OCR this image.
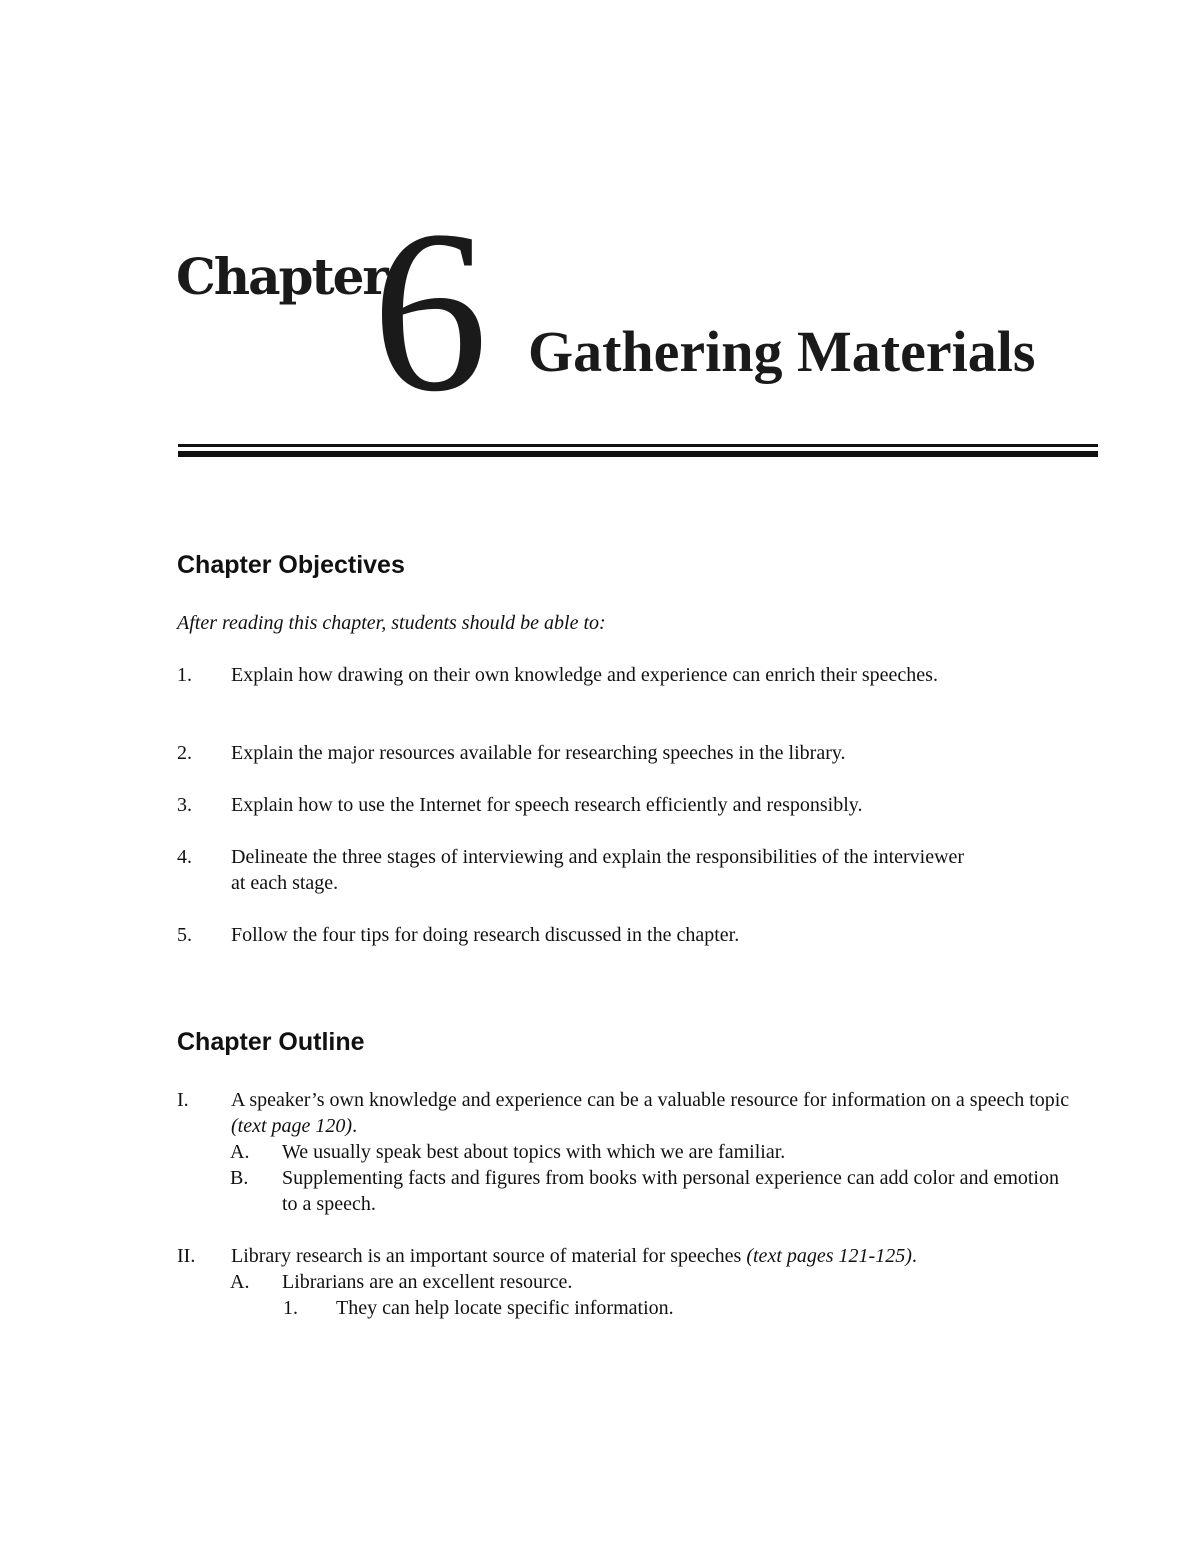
Chapter
6 Gathering Materials
Chapter Objectives
After reading this chapter, students should be able to:
1. Explain how drawing on their own knowledge and experience can enrich their speeches.
2. Explain the major resources available for researching speeches in the library.
3. Explain how to use the Internet for speech research efficiently and responsibly.
4. Delineate the three stages of interviewing and explain the responsibilities of the interviewer at each stage.
5. Follow the four tips for doing research discussed in the chapter.
Chapter Outline
I. A speaker’s own knowledge and experience can be a valuable resource for information on a speech topic (text page 120).
A. We usually speak best about topics with which we are familiar.
B. Supplementing facts and figures from books with personal experience can add color and emotion to a speech.
II. Library research is an important source of material for speeches (text pages 121-125).
A. Librarians are an excellent resource.
1. They can help locate specific information.
